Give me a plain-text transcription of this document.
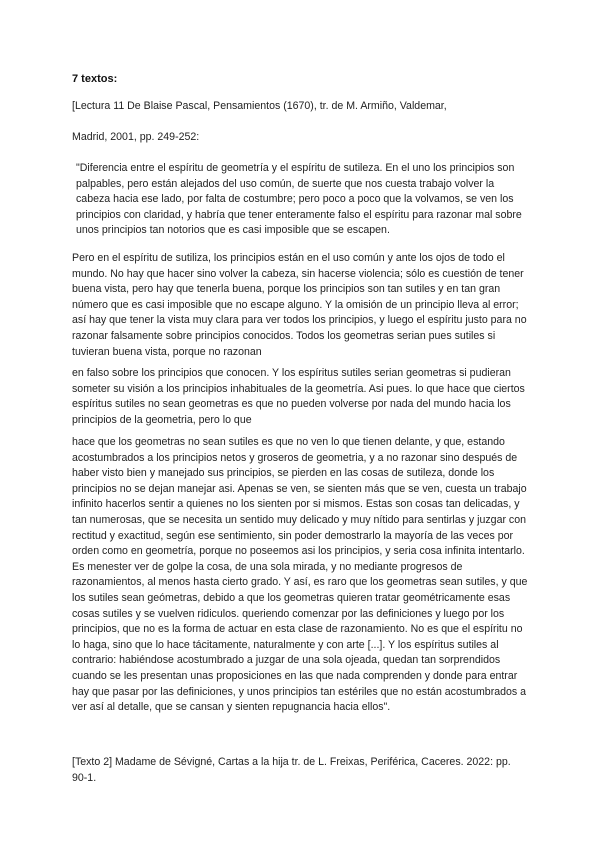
7 textos:
[Lectura 11 De Blaise Pascal, Pensamientos (1670), tr. de M. Armiño, Valdemar,
Madrid, 2001, pp. 249-252:

"Diferencia entre el espíritu de geometría y el espíritu de sutileza. En el uno los principios son palpables, pero están alejados del uso común, de suerte que nos cuesta trabajo volver la cabeza hacia ese lado, por falta de costumbre; pero poco a poco que la volvamos, se ven los principios con claridad, y habría que tener enteramente falso el espíritu para razonar mal sobre unos principios tan notorios que es casi imposible que se escapen.

Pero en el espíritu de sutiliza, los principios están en el uso común y ante los ojos de todo el mundo. No hay que hacer sino volver la cabeza, sin hacerse violencia; sólo es cuestión de tener buena vista, pero hay que tenerla buena, porque los principios son tan sutiles y en tan gran número que es casi imposible que no escape alguno. Y la omisión de un principio lleva al error; así hay que tener la vista muy clara para ver todos los principios, y luego el espíritu justo para no razonar falsamente sobre principios conocidos. Todos los geometras serian pues sutiles si tuvieran buena vista, porque no razonan

en falso sobre los principios que conocen. Y los espíritus sutiles serian geometras si pudieran someter su visión a los principios inhabituales de la geometría. Asi pues. lo que hace que ciertos espíritus sutiles no sean geometras es que no pueden volverse por nada del mundo hacia los principios de la geometria, pero lo que

hace que los geometras no sean sutiles es que no ven lo que tienen delante, y que, estando acostumbrados a los principios netos y groseros de geometria, y a no razonar sino después de haber visto bien y manejado sus principios, se pierden en las cosas de sutileza, donde los principios no se dejan manejar asi. Apenas se ven, se sienten más que se ven, cuesta un trabajo infinito hacerlos sentir a quienes no los sienten por si mismos. Estas son cosas tan delicadas, y tan numerosas, que se necesita un sentido muy delicado y muy nítido para sentirlas y juzgar con rectitud y exactitud, según ese sentimiento, sin poder demostrarlo la mayoría de las veces por orden como en geometría, porque no poseemos asi los principios, y seria cosa infinita intentarlo. Es menester ver de golpe la cosa, de una sola mirada, y no mediante progresos de razonamientos, al menos hasta cierto grado. Y así, es raro que los geometras sean sutiles, y que los sutiles sean geómetras, debido a que los geometras quieren tratar geométricamente esas cosas sutiles y se vuelven ridiculos. queriendo comenzar por las definiciones y luego por los principios, que no es la forma de actuar en esta clase de razonamiento. No es que el espíritu no lo haga, sino que lo hace tácitamente, naturalmente y con arte [...]. Y los espíritus sutiles al contrario: habiéndose acostumbrado a juzgar de una sola ojeada, quedan tan sorprendidos cuando se les presentan unas proposiciones en las que nada comprenden y donde para entrar hay que pasar por las definiciones, y unos principios tan estériles que no están acostumbrados a ver así al detalle, que se cansan y sienten repugnancia hacia ellos".

[Texto 2] Madame de Sévigné, Cartas a la hija tr. de L. Freixas, Periférica, Caceres. 2022: pp. 90-1.
